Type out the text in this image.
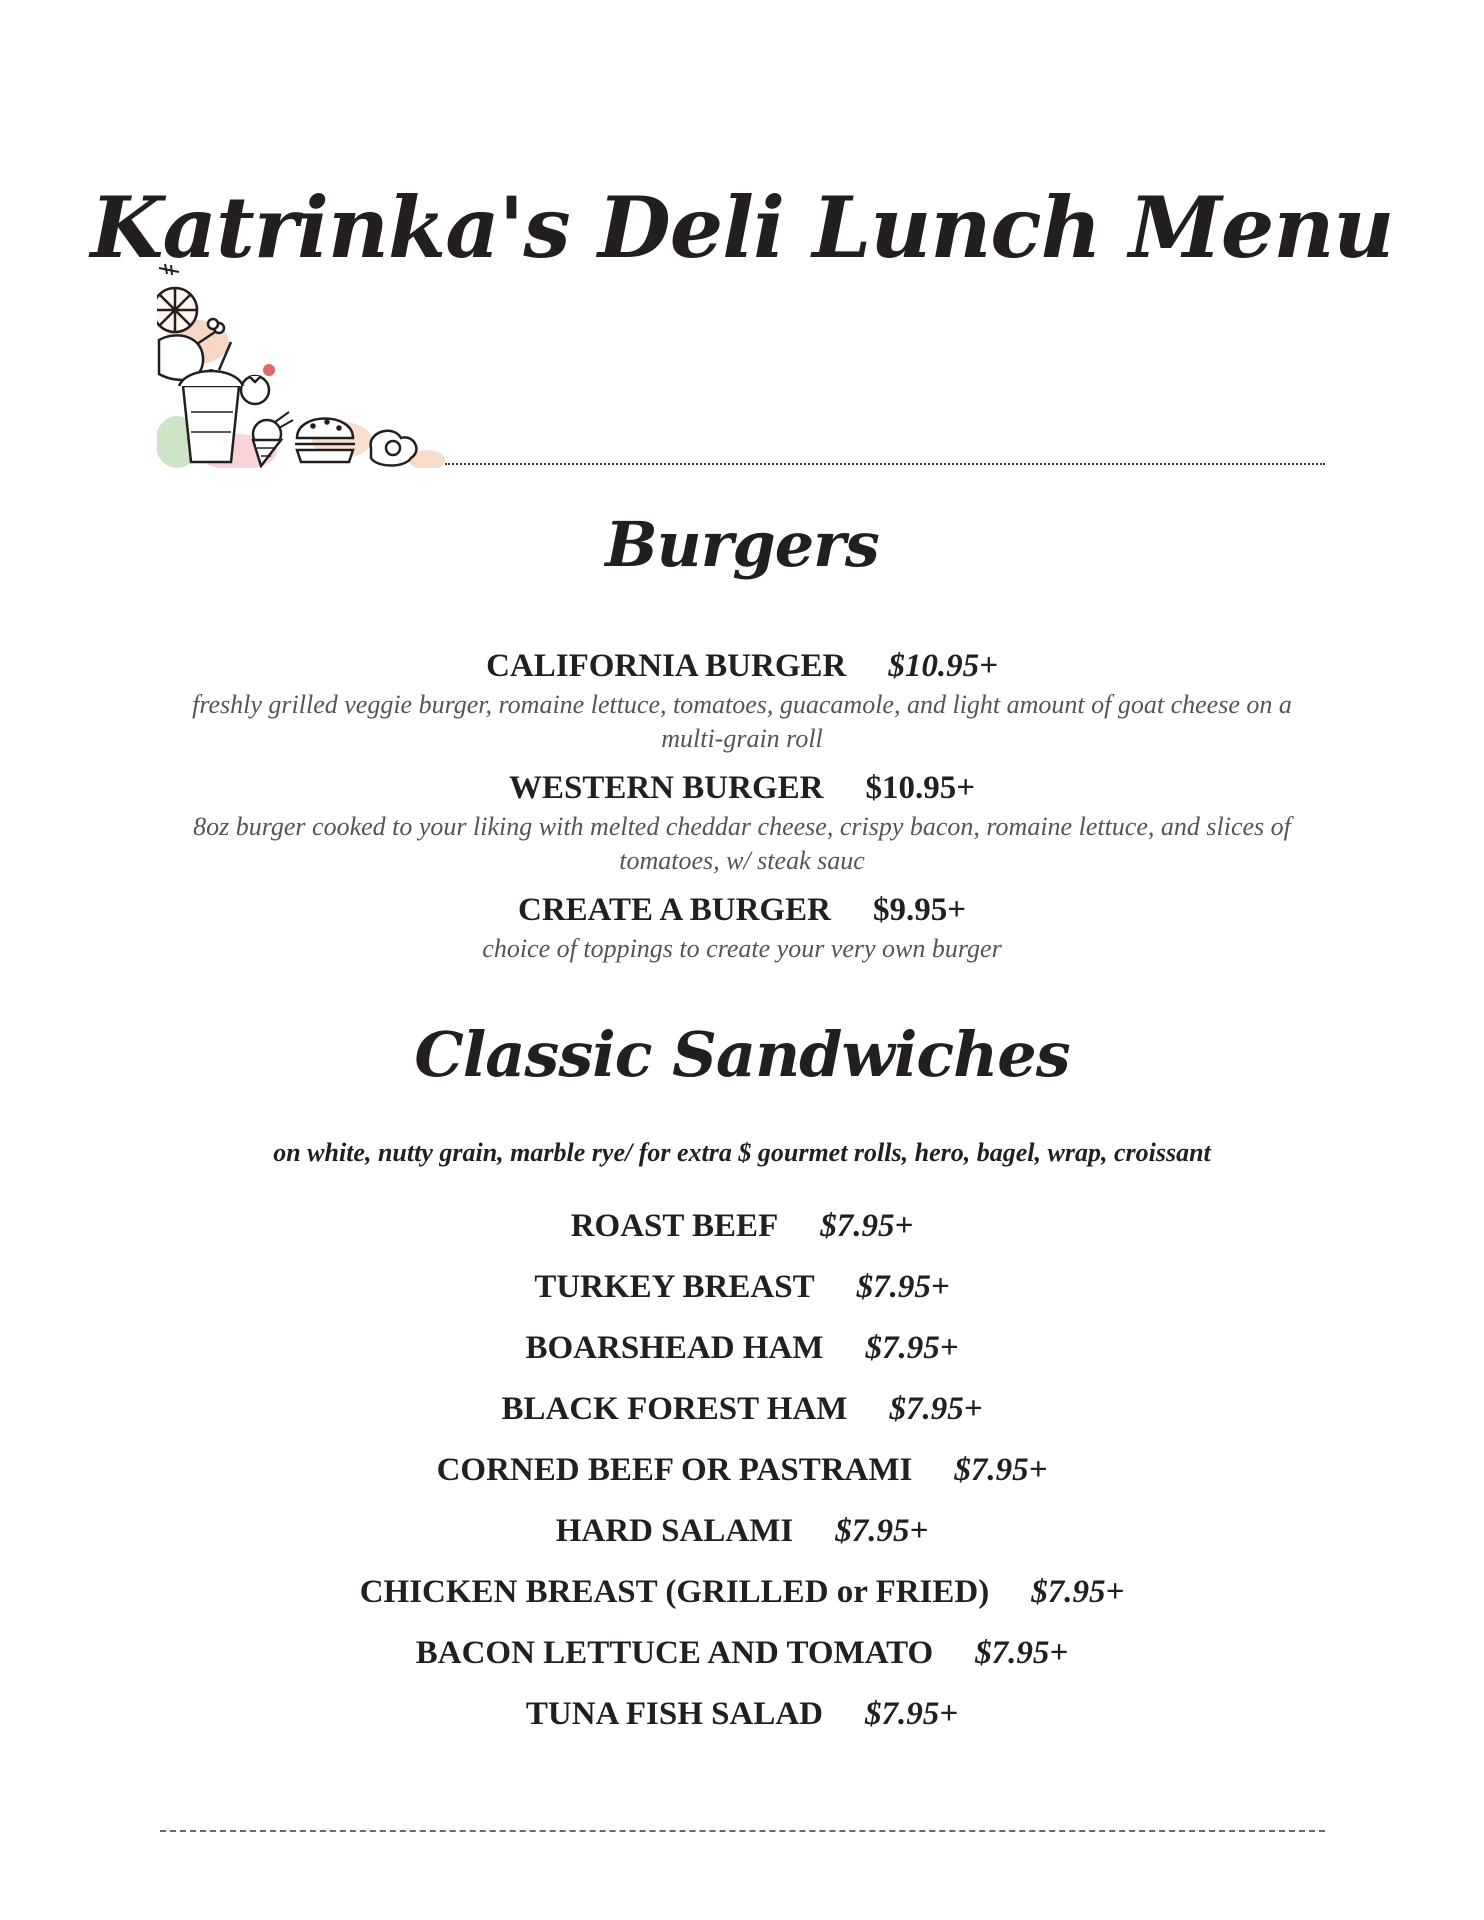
Katrinka's Deli Lunch Menu
Burgers
CALIFORNIA BURGER $10.95+
freshly grilled veggie burger, romaine lettuce, tomatoes, guacamole, and light amount of goat cheese on a multi-grain roll
WESTERN BURGER $10.95+
8oz burger cooked to your liking with melted cheddar cheese, crispy bacon, romaine lettuce, and slices of tomatoes, w/ steak sauc
CREATE A BURGER $9.95+
choice of toppings to create your very own burger
Classic Sandwiches
on white, nutty grain, marble rye/ for extra $ gourmet rolls, hero, bagel, wrap, croissant
ROAST BEEF $7.95+
TURKEY BREAST $7.95+
BOARSHEAD HAM $7.95+
BLACK FOREST HAM $7.95+
CORNED BEEF OR PASTRAMI $7.95+
HARD SALAMI $7.95+
CHICKEN BREAST (GRILLED or FRIED) $7.95+
BACON LETTUCE AND TOMATO $7.95+
TUNA FISH SALAD $7.95+
